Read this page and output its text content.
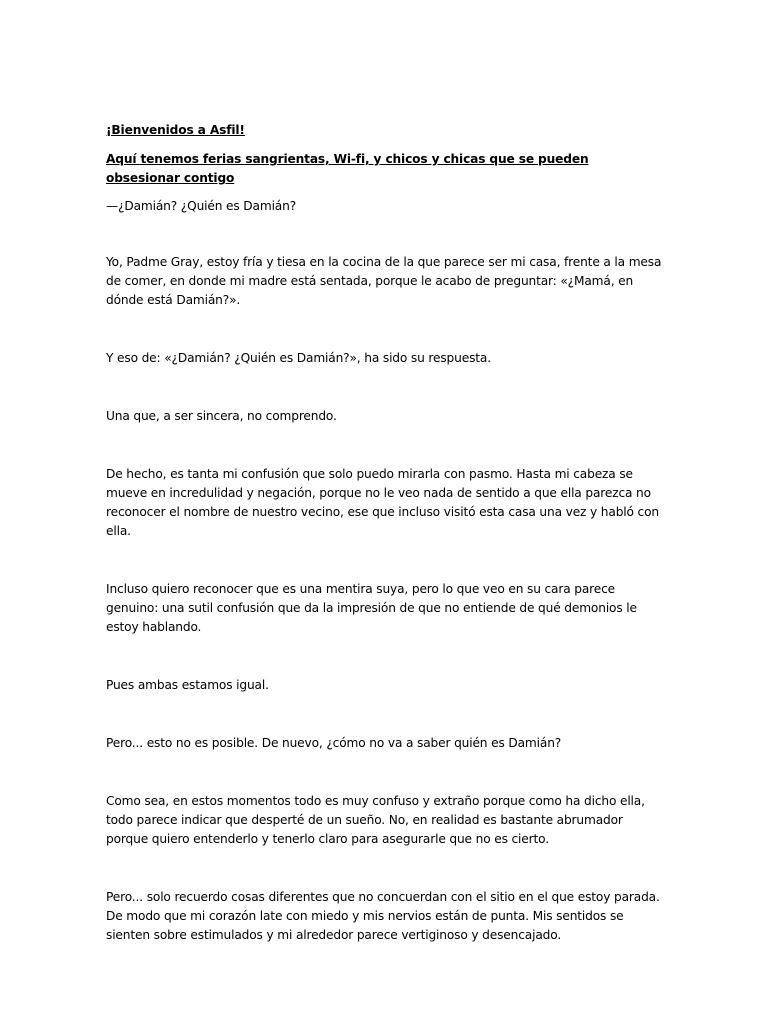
¡Bienvenidos a Asfil!

Aquí tenemos ferias sangrientas, Wi-fi, y chicos y chicas que se pueden obsesionar contigo

—¿Damián? ¿Quién es Damián?

Yo, Padme Gray, estoy fría y tiesa en la cocina de la que parece ser mi casa, frente a la mesa de comer, en donde mi madre está sentada, porque le acabo de preguntar: «¿Mamá, en dónde está Damián?».

Y eso de: «¿Damián? ¿Quién es Damián?», ha sido su respuesta.

Una que, a ser sincera, no comprendo.

De hecho, es tanta mi confusión que solo puedo mirarla con pasmo. Hasta mi cabeza se mueve en incredulidad y negación, porque no le veo nada de sentido a que ella parezca no reconocer el nombre de nuestro vecino, ese que incluso visitó esta casa una vez y habló con ella.

Incluso quiero reconocer que es una mentira suya, pero lo que veo en su cara parece genuino: una sutil confusión que da la impresión de que no entiende de qué demonios le estoy hablando.

Pues ambas estamos igual.

Pero... esto no es posible. De nuevo, ¿cómo no va a saber quién es Damián?

Como sea, en estos momentos todo es muy confuso y extraño porque como ha dicho ella, todo parece indicar que desperté de un sueño. No, en realidad es bastante abrumador porque quiero entenderlo y tenerlo claro para asegurarle que no es cierto.

Pero... solo recuerdo cosas diferentes que no concuerdan con el sitio en el que estoy parada. De modo que mi corazón late con miedo y mis nervios están de punta. Mis sentidos se sienten sobre estimulados y mi alrededor parece vertiginoso y desencajado.
